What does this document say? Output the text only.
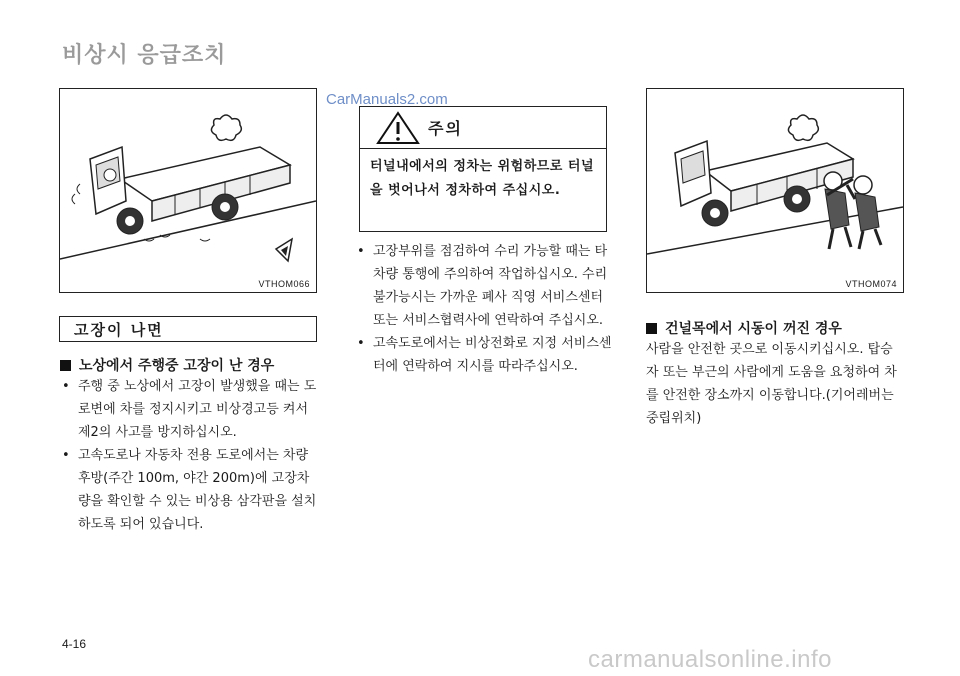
비상시 응급조치
CarManuals2.com
VTHOM066
고장이 나면
노상에서 주행중 고장이 난 경우
• 주행 중 노상에서 고장이 발생했을 때는 도로변에 차를 정지시키고 비상경고등 켜서 제2의 사고를 방지하십시오.
• 고속도로나 자동차 전용 도로에서는 차량 후방(주간 100m, 야간 200m)에 고장차량을 확인할 수 있는 비상용 삼각판을 설치하도록 되어 있습니다.
주의
터널내에서의 정차는 위험하므로 터널을 벗어나서 정차하여 주십시오.
• 고장부위를 점검하여 수리 가능할 때는 타차량 통행에 주의하여 작업하십시오. 수리 불가능시는 가까운 폐사 직영 서비스센터 또는 서비스협력사에 연락하여 주십시오.
• 고속도로에서는 비상전화로 지정 서비스센터에 연락하여 지시를 따라주십시오.
VTHOM074
건널목에서 시동이 꺼진 경우
사람을 안전한 곳으로 이동시키십시오. 탑승자 또는 부근의 사람에게 도움을 요청하여 차를 안전한 장소까지 이동합니다.(기어레버는 중립위치)
4-16
carmanualsonline.info
